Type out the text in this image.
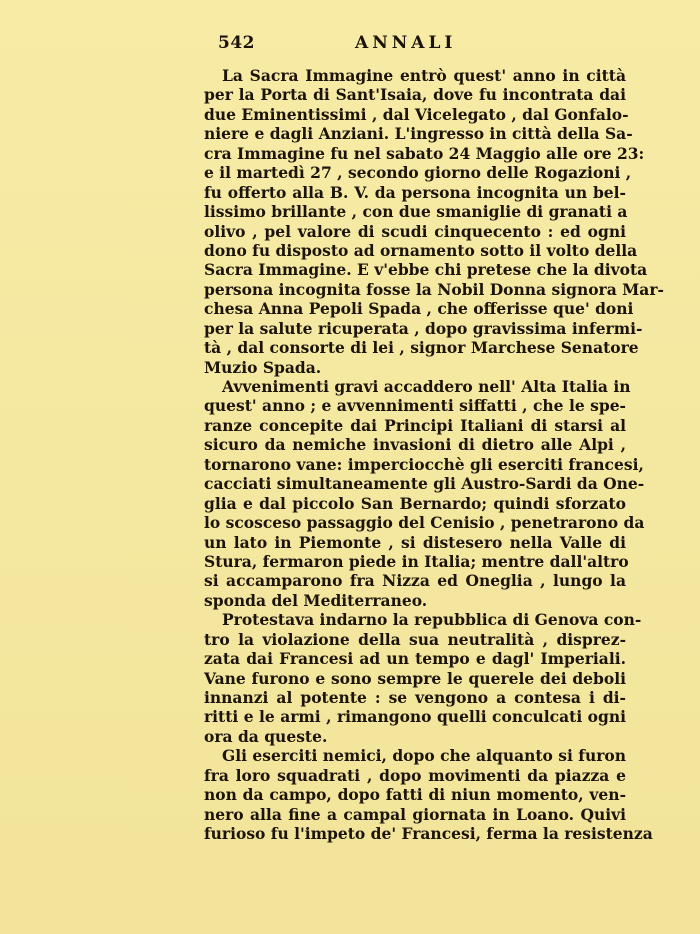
542	ANNALI
La Sacra Immagine entrò quest' anno in città
per la Porta di Sant'Isaia, dove fu incontrata dai
due Eminentissimi , dal Vicelegato , dal Gonfalo-
niere e dagli Anziani. L'ingresso in città della Sa-
cra Immagine fu nel sabato 24 Maggio alle ore 23:
e il martedì 27 , secondo giorno delle Rogazioni ,
fu offerto alla B. V. da persona incognita un bel-
lissimo brillante , con due smaniglie di granati a
olivo , pel valore di scudi cinquecento : ed ogni
dono fu disposto ad ornamento sotto il volto della
Sacra Immagine. E v'ebbe chi pretese che la divota
persona incognita fosse la Nobil Donna signora Mar-
chesa Anna Pepoli Spada , che offerisse que' doni
per la salute ricuperata , dopo gravissima infermi-
tà , dal consorte di lei , signor Marchese Senatore
Muzio Spada.
Avvenimenti gravi accaddero nell' Alta Italia in
quest' anno ; e avvennimenti siffatti , che le spe-
ranze concepite dai Principi Italiani di starsi al
sicuro da nemiche invasioni di dietro alle Alpi ,
tornarono vane: imperciocchè gli eserciti francesi,
cacciati simultaneamente gli Austro-Sardi da One-
glia e dal piccolo San Bernardo; quindi sforzato
lo scosceso passaggio del Cenisio , penetrarono da
un lato in Piemonte , si distesero nella Valle di
Stura, fermaron piede in Italia; mentre dall'altro
si accamparono fra Nizza ed Oneglia , lungo la
sponda del Mediterraneo.
Protestava indarno la repubblica di Genova con-
tro la violazione della sua neutralità , disprez-
zata dai Francesi ad un tempo e dagl' Imperiali.
Vane furono e sono sempre le querele dei deboli
innanzi al potente : se vengono a contesa i di-
ritti e le armi , rimangono quelli conculcati ogni
ora da queste.
Gli eserciti nemici, dopo che alquanto si furon
fra loro squadrati , dopo movimenti da piazza e
non da campo, dopo fatti di niun momento, ven-
nero alla fine a campal giornata in Loano. Quivi
furioso fu l'impeto de' Francesi, ferma la resistenza
